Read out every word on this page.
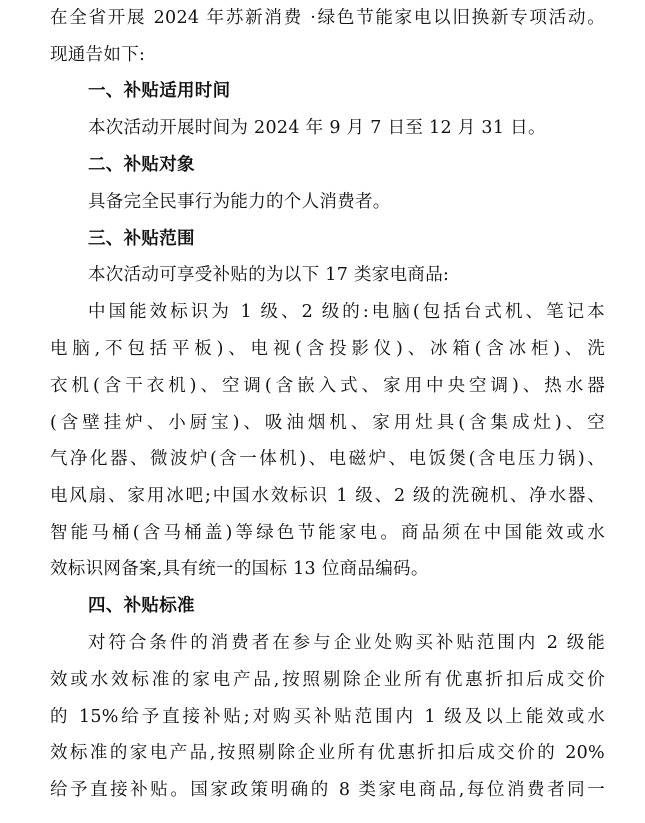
在全省开展 2024 年苏新消费 ·绿色节能家电以旧换新专项活动。
现通告如下:
一、补贴适用时间
本次活动开展时间为 2024 年 9 月 7 日至 12 月 31 日。
二、补贴对象
具备完全民事行为能力的个人消费者。
三、补贴范围
本次活动可享受补贴的为以下 17 类家电商品:
中国能效标识为 1 级、2 级的:电脑(包括台式机、笔记本
电脑,不包括平板)、电视(含投影仪)、冰箱(含冰柜)、洗
衣机(含干衣机)、空调(含嵌入式、家用中央空调)、热水器
(含壁挂炉、小厨宝)、吸油烟机、家用灶具(含集成灶)、空
气净化器、微波炉(含一体机)、电磁炉、电饭煲(含电压力锅)、
电风扇、家用冰吧;中国水效标识 1 级、2 级的洗碗机、净水器、
智能马桶(含马桶盖)等绿色节能家电。商品须在中国能效或水
效标识网备案,具有统一的国标 13 位商品编码。
四、补贴标准
对符合条件的消费者在参与企业处购买补贴范围内 2 级能
效或水效标准的家电产品,按照剔除企业所有优惠折扣后成交价
的 15%给予直接补贴;对购买补贴范围内 1 级及以上能效或水
效标准的家电产品,按照剔除企业所有优惠折扣后成交价的 20%
给予直接补贴。国家政策明确的 8 类家电商品,每位消费者同一
